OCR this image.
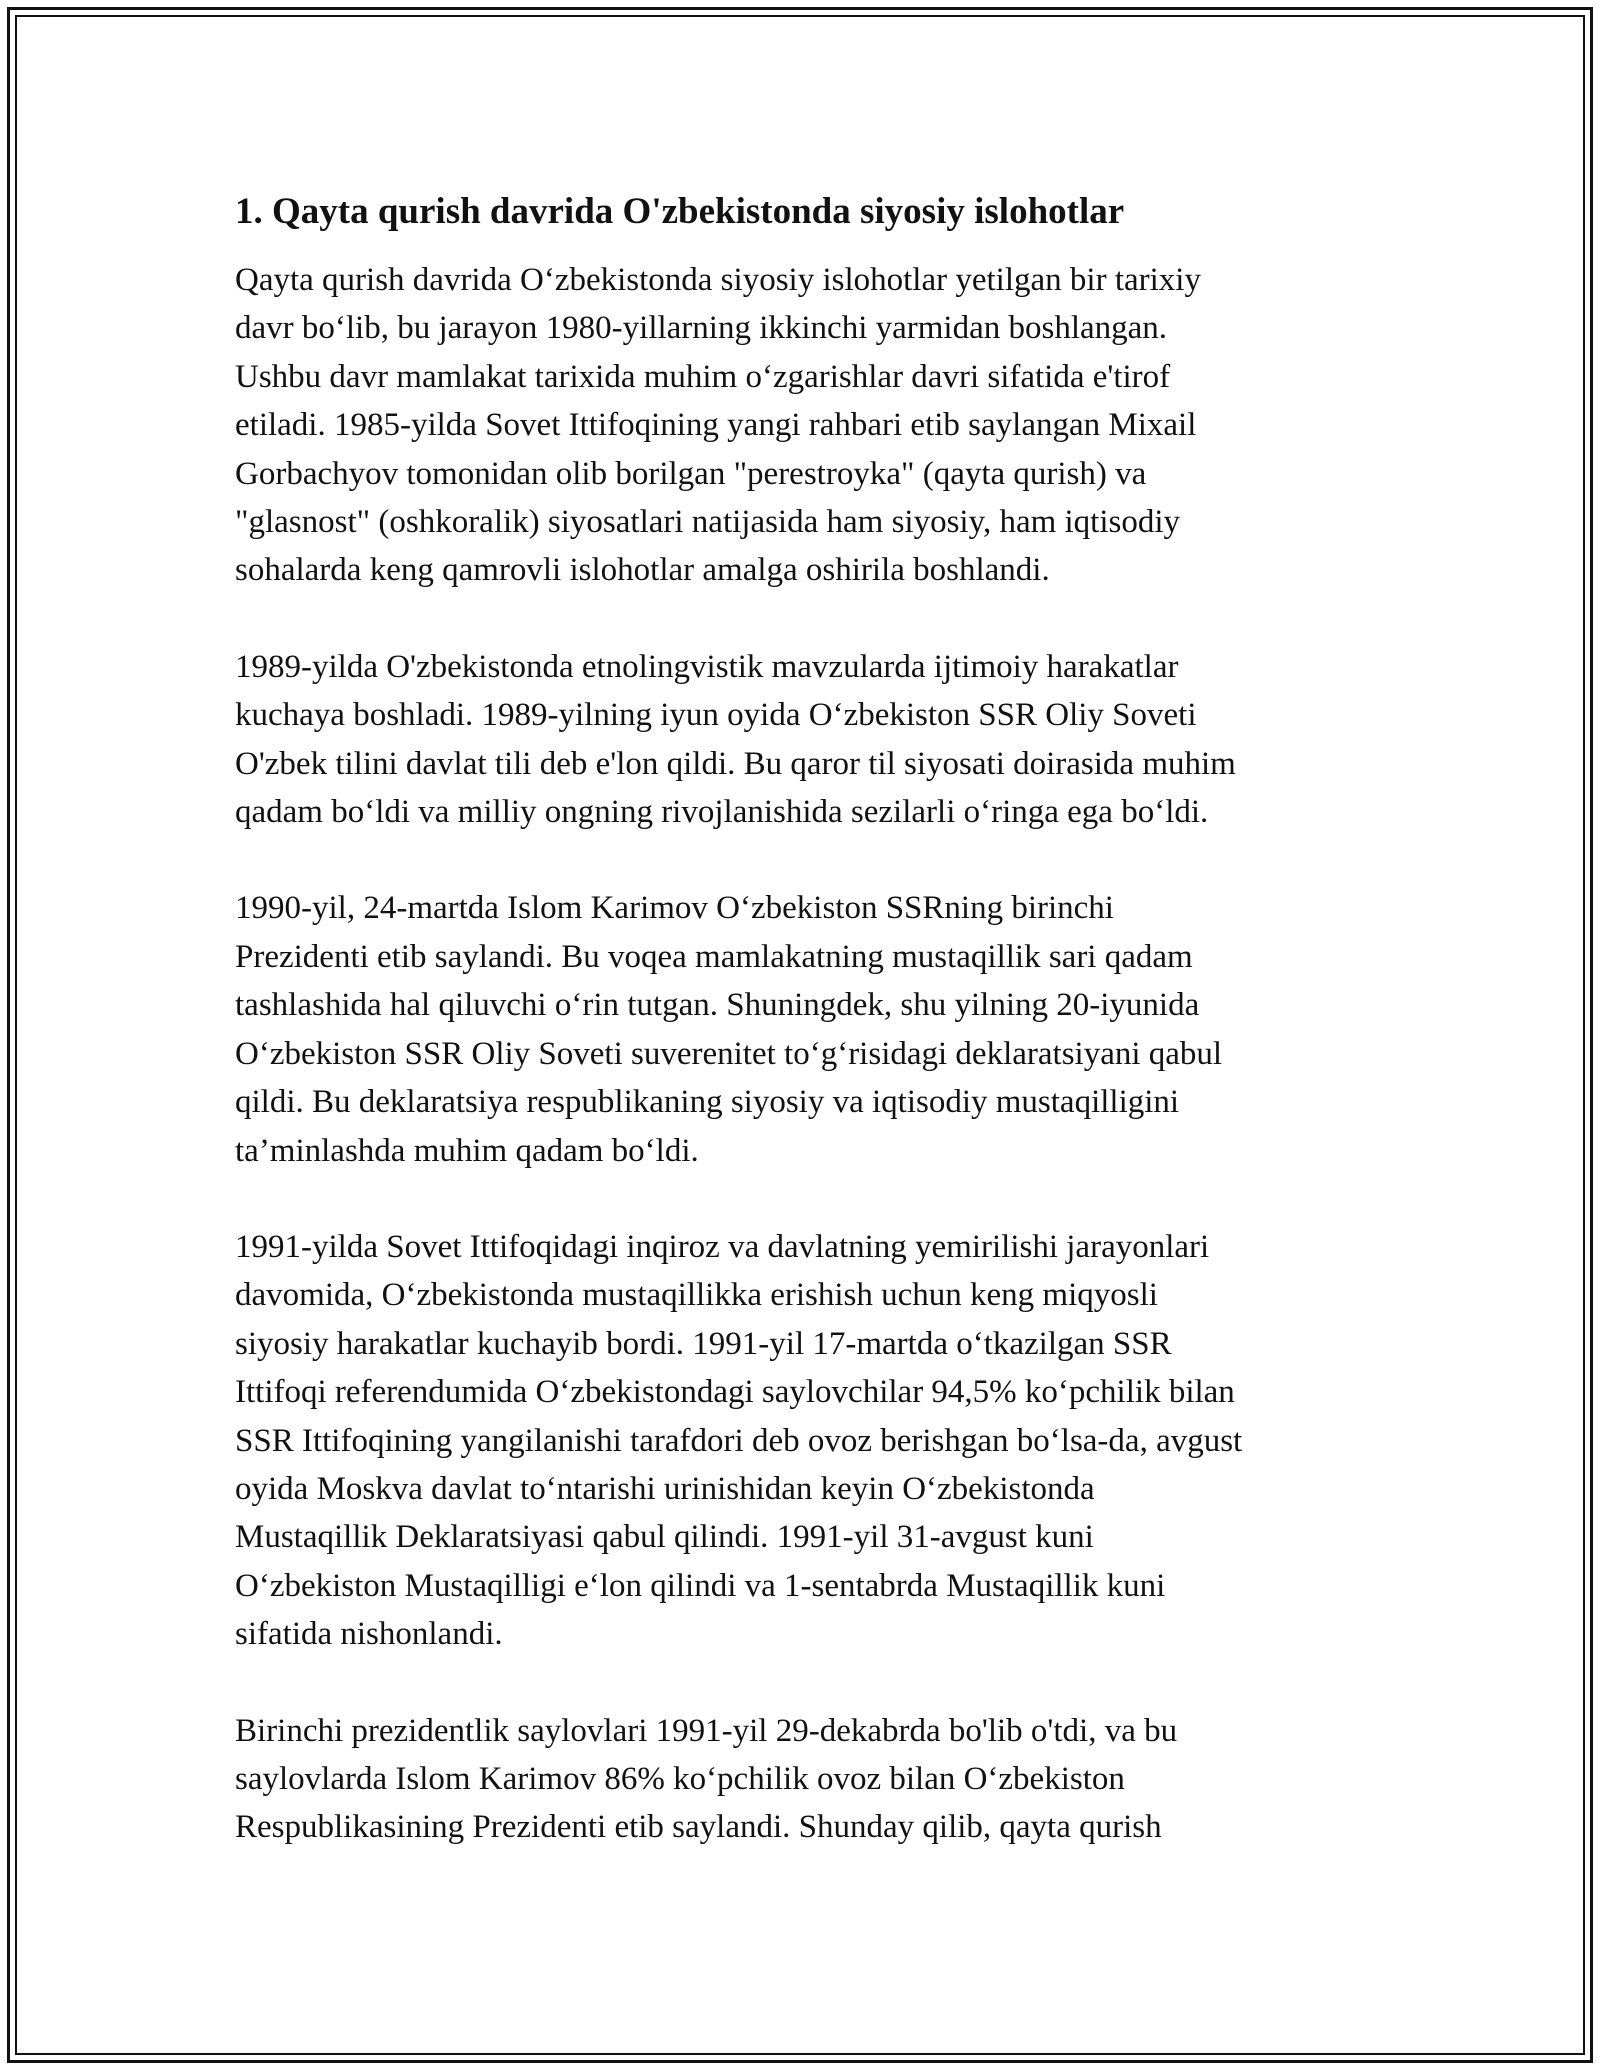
1. Qayta qurish davrida O'zbekistonda siyosiy islohotlar

Qayta qurish davrida Oʻzbekistonda siyosiy islohotlar yetilgan bir tarixiy
davr boʻlib, bu jarayon 1980-yillarning ikkinchi yarmidan boshlangan.
Ushbu davr mamlakat tarixida muhim oʻzgarishlar davri sifatida e'tirof
etiladi. 1985-yilda Sovet Ittifoqining yangi rahbari etib saylangan Mixail
Gorbachyov tomonidan olib borilgan "perestroyka" (qayta qurish) va
"glasnost" (oshkoralik) siyosatlari natijasida ham siyosiy, ham iqtisodiy
sohalarda keng qamrovli islohotlar amalga oshirila boshlandi.

1989-yilda O'zbekistonda etnolingvistik mavzularda ijtimoiy harakatlar
kuchaya boshladi. 1989-yilning iyun oyida Oʻzbekiston SSR Oliy Soveti
O'zbek tilini davlat tili deb e'lon qildi. Bu qaror til siyosati doirasida muhim
qadam boʻldi va milliy ongning rivojlanishida sezilarli oʻringa ega boʻldi.

1990-yil, 24-martda Islom Karimov Oʻzbekiston SSRning birinchi
Prezidenti etib saylandi. Bu voqea mamlakatning mustaqillik sari qadam
tashlashida hal qiluvchi oʻrin tutgan. Shuningdek, shu yilning 20-iyunida
Oʻzbekiston SSR Oliy Soveti suverenitet toʻgʻrisidagi deklaratsiyani qabul
qildi. Bu deklaratsiya respublikaning siyosiy va iqtisodiy mustaqilligini
ta’minlashda muhim qadam boʻldi.

1991-yilda Sovet Ittifoqidagi inqiroz va davlatning yemirilishi jarayonlari
davomida, Oʻzbekistonda mustaqillikka erishish uchun keng miqyosli
siyosiy harakatlar kuchayib bordi. 1991-yil 17-martda oʻtkazilgan SSR
Ittifoqi referendumida Oʻzbekistondagi saylovchilar 94,5% koʻpchilik bilan
SSR Ittifoqining yangilanishi tarafdori deb ovoz berishgan boʻlsa-da, avgust
oyida Moskva davlat toʻntarishi urinishidan keyin Oʻzbekistonda
Mustaqillik Deklaratsiyasi qabul qilindi. 1991-yil 31-avgust kuni
Oʻzbekiston Mustaqilligi eʻlon qilindi va 1-sentabrda Mustaqillik kuni
sifatida nishonlandi.

Birinchi prezidentlik saylovlari 1991-yil 29-dekabrda bo'lib o'tdi, va bu
saylovlarda Islom Karimov 86% koʻpchilik ovoz bilan Oʻzbekiston
Respublikasining Prezidenti etib saylandi. Shunday qilib, qayta qurish
